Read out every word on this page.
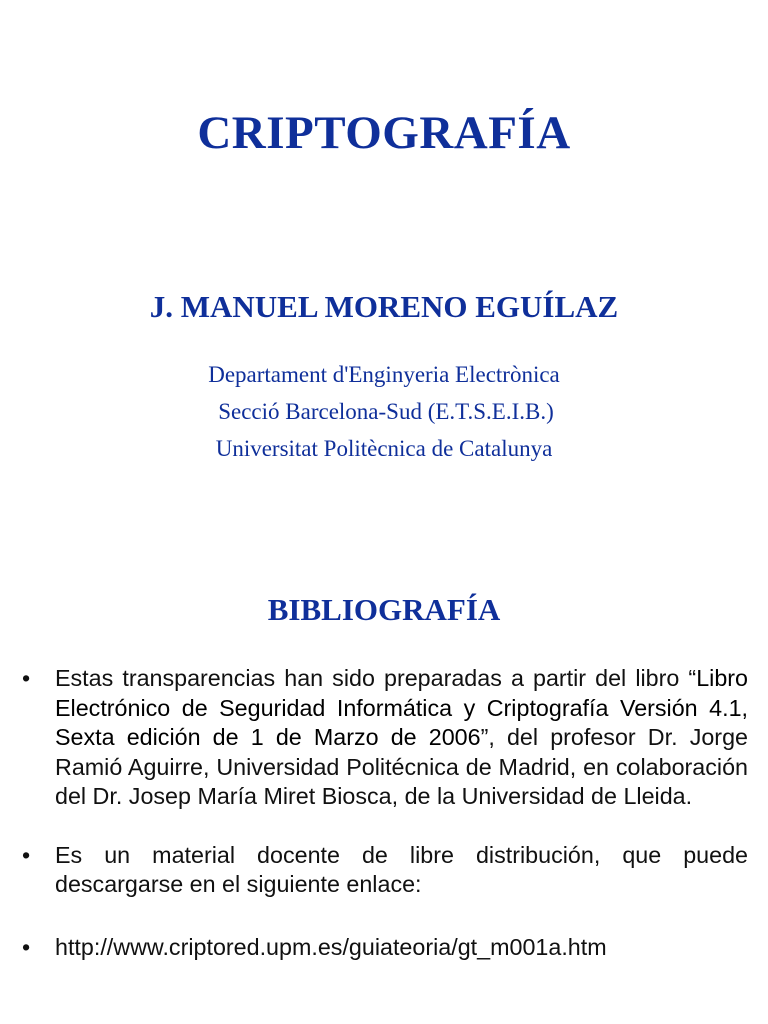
CRIPTOGRAFÍA
J. MANUEL MORENO EGUÍLAZ
Departament d'Enginyeria Electrònica
Secció Barcelona-Sud (E.T.S.E.I.B.)
Universitat Politècnica de Catalunya
BIBLIOGRAFÍA
• Estas transparencias han sido preparadas a partir del libro “Libro Electrónico de Seguridad Informática y Criptografía Versión 4.1, Sexta edición de 1 de Marzo de 2006”, del profesor Dr. Jorge Ramió Aguirre, Universidad Politécnica de Madrid, en colaboración del Dr. Josep María Miret Biosca, de la Universidad de Lleida.
• Es un material docente de libre distribución, que puede descargarse en el siguiente enlace:
• http://www.criptored.upm.es/guiateoria/gt_m001a.htm
